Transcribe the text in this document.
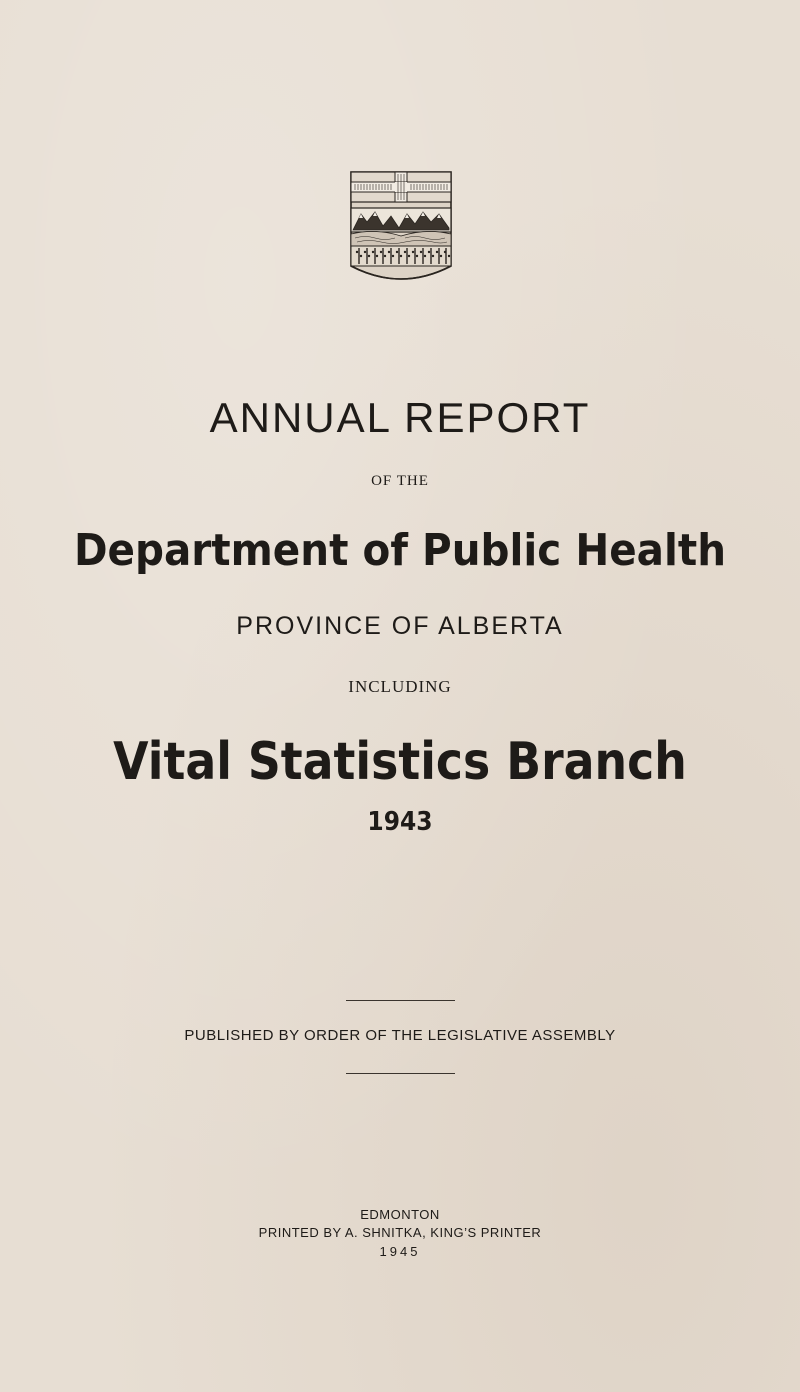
ANNUAL REPORT

OF THE

Department of Public Health

PROVINCE OF ALBERTA

INCLUDING

Vital Statistics Branch

1943

PUBLISHED BY ORDER OF THE LEGISLATIVE ASSEMBLY

EDMONTON

PRINTED BY A. SHNITKA, KING’S PRINTER

1945
